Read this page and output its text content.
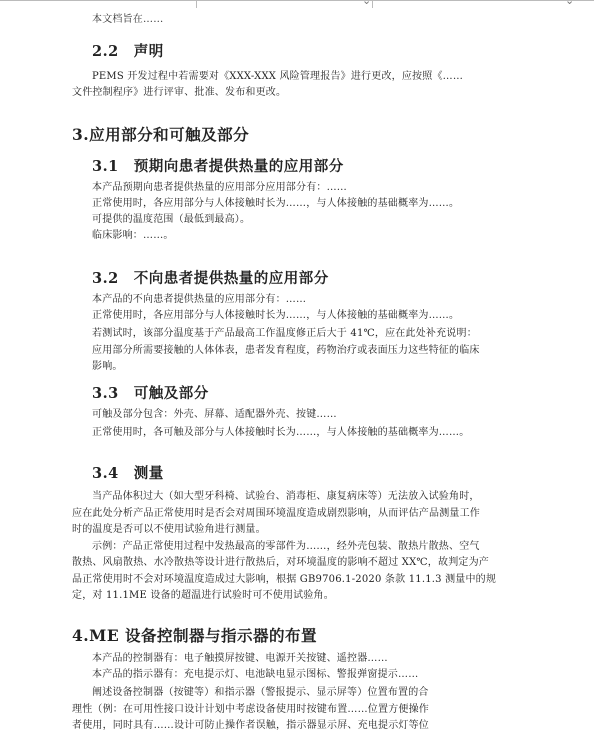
⌄	⌄
本文档旨在……
2.2　声明
PEMS 开发过程中若需要对《XXX-XXX 风险管理报告》进行更改，应按照《……
文件控制程序》进行评审、批准、发布和更改。
3.应用部分和可触及部分
3.1　预期向患者提供热量的应用部分
本产品预期向患者提供热量的应用部分应用部分有：……
正常使用时，各应用部分与人体接触时长为……，与人体接触的基础概率为……。
可提供的温度范围（最低到最高）。
临床影响：……。
3.2　不向患者提供热量的应用部分
本产品的不向患者提供热量的应用部分有：……
正常使用时，各应用部分与人体接触时长为……，与人体接触的基础概率为……。
若测试时，该部分温度基于产品最高工作温度修正后大于 41℃，应在此处补充说明：
应用部分所需要接触的人体体表，患者发育程度，药物治疗或表面压力这些特征的临床
影响。
3.3　可触及部分
可触及部分包含：外壳、屏幕、适配器外壳、按键……
正常使用时，各可触及部分与人体接触时长为……，与人体接触的基础概率为……。
3.4　测量
当产品体积过大（如大型牙科椅、试验台、消毒柜、康复病床等）无法放入试验角时，
应在此处分析产品正常使用时是否会对周围环境温度造成剧烈影响，从而评估产品测量工作
时的温度是否可以不使用试验角进行测量。
示例：产品正常使用过程中发热最高的零部件为……，经外壳包装、散热片散热、空气
散热、风扇散热、水冷散热等设计进行散热后，对环境温度的影响不超过 XX℃，故判定为产
品正常使用时不会对环境温度造成过大影响，根据 GB9706.1-2020 条款 11.1.3 测量中的规
定，对 11.1ME 设备的超温进行试验时可不使用试验角。
4.ME 设备控制器与指示器的布置
本产品的控制器有：电子触摸屏按键、电源开关按键、遥控器……
本产品的指示器有：充电提示灯、电池缺电显示图标、警报弹窗提示……
阐述设备控制器（按键等）和指示器（警报提示、显示屏等）位置布置的合
理性（例：在可用性接口设计计划中考虑设备使用时按键布置……位置方便操作
者使用，同时具有……设计可防止操作者误触，指示器显示屏、充电提示灯等位
